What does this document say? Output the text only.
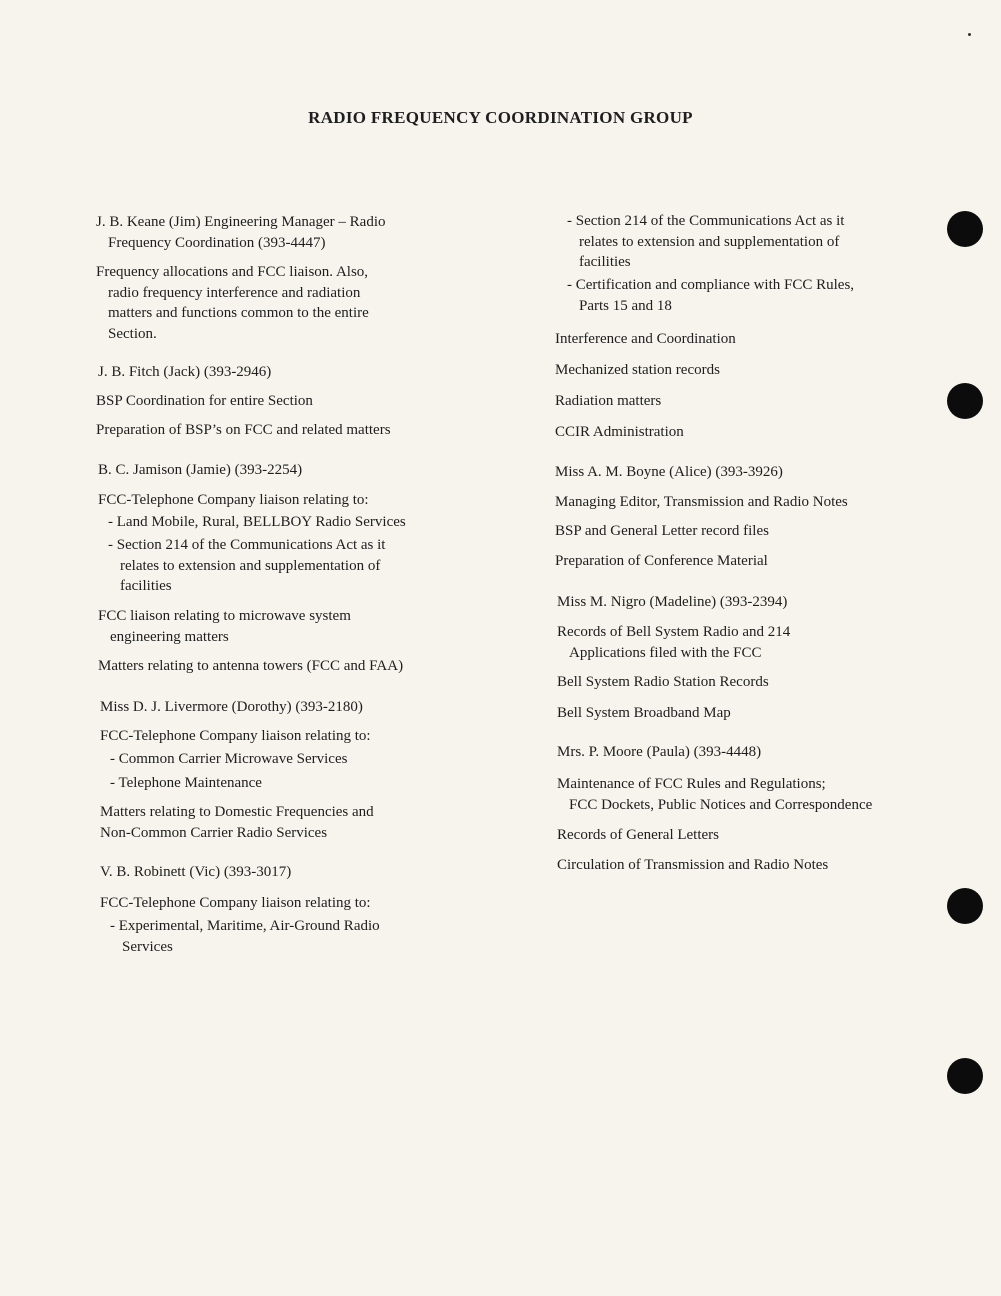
RADIO FREQUENCY COORDINATION GROUP
J. B. Keane (Jim) Engineering Manager – Radio
Frequency Coordination (393-4447)
Frequency allocations and FCC liaison. Also,
radio frequency interference and radiation
matters and functions common to the entire
Section.
J. B. Fitch (Jack) (393-2946)
BSP Coordination for entire Section
Preparation of BSP’s on FCC and related matters
B. C. Jamison (Jamie) (393-2254)
FCC-Telephone Company liaison relating to:
- Land Mobile, Rural, BELLBOY Radio Services
- Section 214 of the Communications Act as it
relates to extension and supplementation of
facilities
FCC liaison relating to microwave system
engineering matters
Matters relating to antenna towers (FCC and FAA)
Miss D. J. Livermore (Dorothy) (393-2180)
FCC-Telephone Company liaison relating to:
- Common Carrier Microwave Services
- Telephone Maintenance
Matters relating to Domestic Frequencies and
Non-Common Carrier Radio Services
V. B. Robinett (Vic) (393-3017)
FCC-Telephone Company liaison relating to:
- Experimental, Maritime, Air-Ground Radio
Services
- Section 214 of the Communications Act as it
relates to extension and supplementation of
facilities
- Certification and compliance with FCC Rules,
Parts 15 and 18
Interference and Coordination
Mechanized station records
Radiation matters
CCIR Administration
Miss A. M. Boyne (Alice) (393-3926)
Managing Editor, Transmission and Radio Notes
BSP and General Letter record files
Preparation of Conference Material
Miss M. Nigro (Madeline) (393-2394)
Records of Bell System Radio and 214
Applications filed with the FCC
Bell System Radio Station Records
Bell System Broadband Map
Mrs. P. Moore (Paula) (393-4448)
Maintenance of FCC Rules and Regulations;
FCC Dockets, Public Notices and Correspondence
Records of General Letters
Circulation of Transmission and Radio Notes
